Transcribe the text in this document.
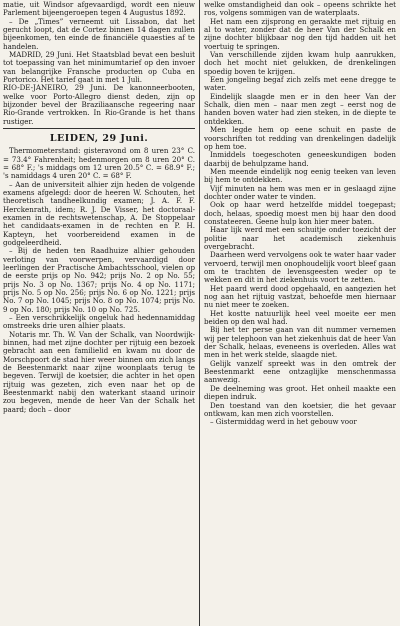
matie, uit Windsor afgevaardigd, wordt een nieuw Parlement bijeengeroepen tegen 4 Augustus 1892.

– De „Times” verneemt uit Lissabon, dat het gerucht loopt, dat de Cortez binnen 14 dagen zullen bijeenkomen, ten einde de financiële quaesties af te handelen.

MADRID, 29 Juni. Het Staatsblad bevat een besluit tot toepassing van het minimumtarief op den invoer van belangrijke Fransche producten op Cuba en Portorico. Het tarief gaat in met 1 Juli.

RIO-DE-JANEIRO, 29 Juni. De kanonneerbooten, welke voor Porto-Allegro dienst deden, zijn op bijzonder bevel der Braziliaansche regeering naar Rio-Grande vertrokken. In Rio-Grande is het thans rustiger.

LEIDEN, 29 Juni.

Thermometerstand: gisteravond om 8 uren 23° C. = 73.4° Fahrenheit; hedenmorgen om 8 uren 20° C. = 68° F.; 's middags om 12 uren 20.5° C. = 68.9° F.; 's namiddags 4 uren 20° C. = 68° F.

– Aan de universiteit alhier zijn heden de volgende examens afgelegd: door de heeren W. Schouten, het theoretisch tandheelkundig examen; J. A. F. F. Herckenrath, idem; R. J. De Visser, het doctoraal-examen in de rechtswetenschap, A. De Stoppelaar het candidaats-examen in de rechten en P. H. Kapteyn, het voorbereidend examen in de godgeleerdheid.

– Bij de heden ten Raadhuize alhier gehouden verloting van voorwerpen, vervaardigd door leerlingen der Practische Ambachtsschool, vielen op de eerste prijs op No. 942; prijs No. 2 op No. 55; prijs No. 3 op No. 1367; prijs No. 4 op No. 1171; prijs No. 5 op No. 256; prijs No. 6 op No. 1221; prijs No. 7 op No. 1045; prijs No. 8 op No. 1074; prijs No. 9 op No. 180; prijs No. 10 op No. 725.

– Een verschrikkelijk ongeluk had hedennamiddag omstreeks drie uren alhier plaats.

Notaris mr. Th. W. Van der Schalk, van Noordwijk-binnen, had met zijne dochter per rijtuig een bezoek gebracht aan een familielid en kwam nu door de Morschpoort de stad hier weer binnen om zich langs de Beestenmarkt naar zijne woonplaats terug te begeven. Terwijl de koetsier, die achter in het open rijtuig was gezeten, zich even naar het op de Beestenmarkt nabij den waterkant staand urinoir zou begeven, mende de heer Van der Schalk het paard; doch – door

welke omstandigheid dan ook – opeens schrikte het ros, volgens sommigen van de waterplaats.

Het nam een zijsprong en geraakte met rijtuig en al to water, zonder dat de heer Van der Schalk en zijne dochter blijkbaar nog den tijd hadden uit het voertuig te springen.

Van verschillende zijden kwam hulp aanrukken, doch het mocht niet gelukken, de drenkelingen spoedig boven te krijgen.

Een jongeling begaf zich zelfs met eene dregge te water.

Eindelijk slaagde men er in den heer Van der Schalk, dien men – naar men zegt – eerst nog de handen boven water had zien steken, in de diepte te ontdekken.

Men legde hem op eene schuit en paste de voorschriften tot redding van drenkelingen dadelijk op hem toe.

Inmiddels toegeschoten geneeskundigen boden daarbij de behulpzame hand.

Men meende eindelijk nog eenig teeken van leven bij hem te ontdekken.

Vijf minuten na hem was men er in geslaagd zijne dochter onder water te vinden.

Ook op haar werd hetzelfde middel toegepast; doch, helaas, spoedig moest men bij haar den dood constateeren. Geene hulp kon hier meer baten.

Haar lijk werd met een schuitje onder toezicht der politie naar het academisch ziekenhuis overgebracht.

Daarheen werd vervolgens ook te water haar vader vervoerd, terwijl men onophoudelijk voort bleef gaan om te trachten de levensgeesten weder op te wekken en dit in het ziekenhuis voort te zetten.

Het paard werd dood opgehaald, en aangezien het nog aan het rijtuig vastzat, behoefde men hiernaar nu niet meer te zoeken.

Het kostte natuurlijk heel veel moeite eer men beiden op den wal had.

Bij het ter perse gaan van dit nummer vernemen wij per telephoon van het ziekenhuis dat de heer Van der Schalk, helaas, eveneens is overleden. Alles wat men in het werk stelde, slaagde niet.

Gelijk vanzelf spreekt was in den omtrek der Beestenmarkt eene ontzaglijke menschenmassa aanwezig.

De deelneming was groot. Het onheil maakte een diepen indruk.

Den toestand van den koetsier, die het gevaar ontkwam, kan men zich voorstellen.

– Gistermiddag werd in het gebouw voor
